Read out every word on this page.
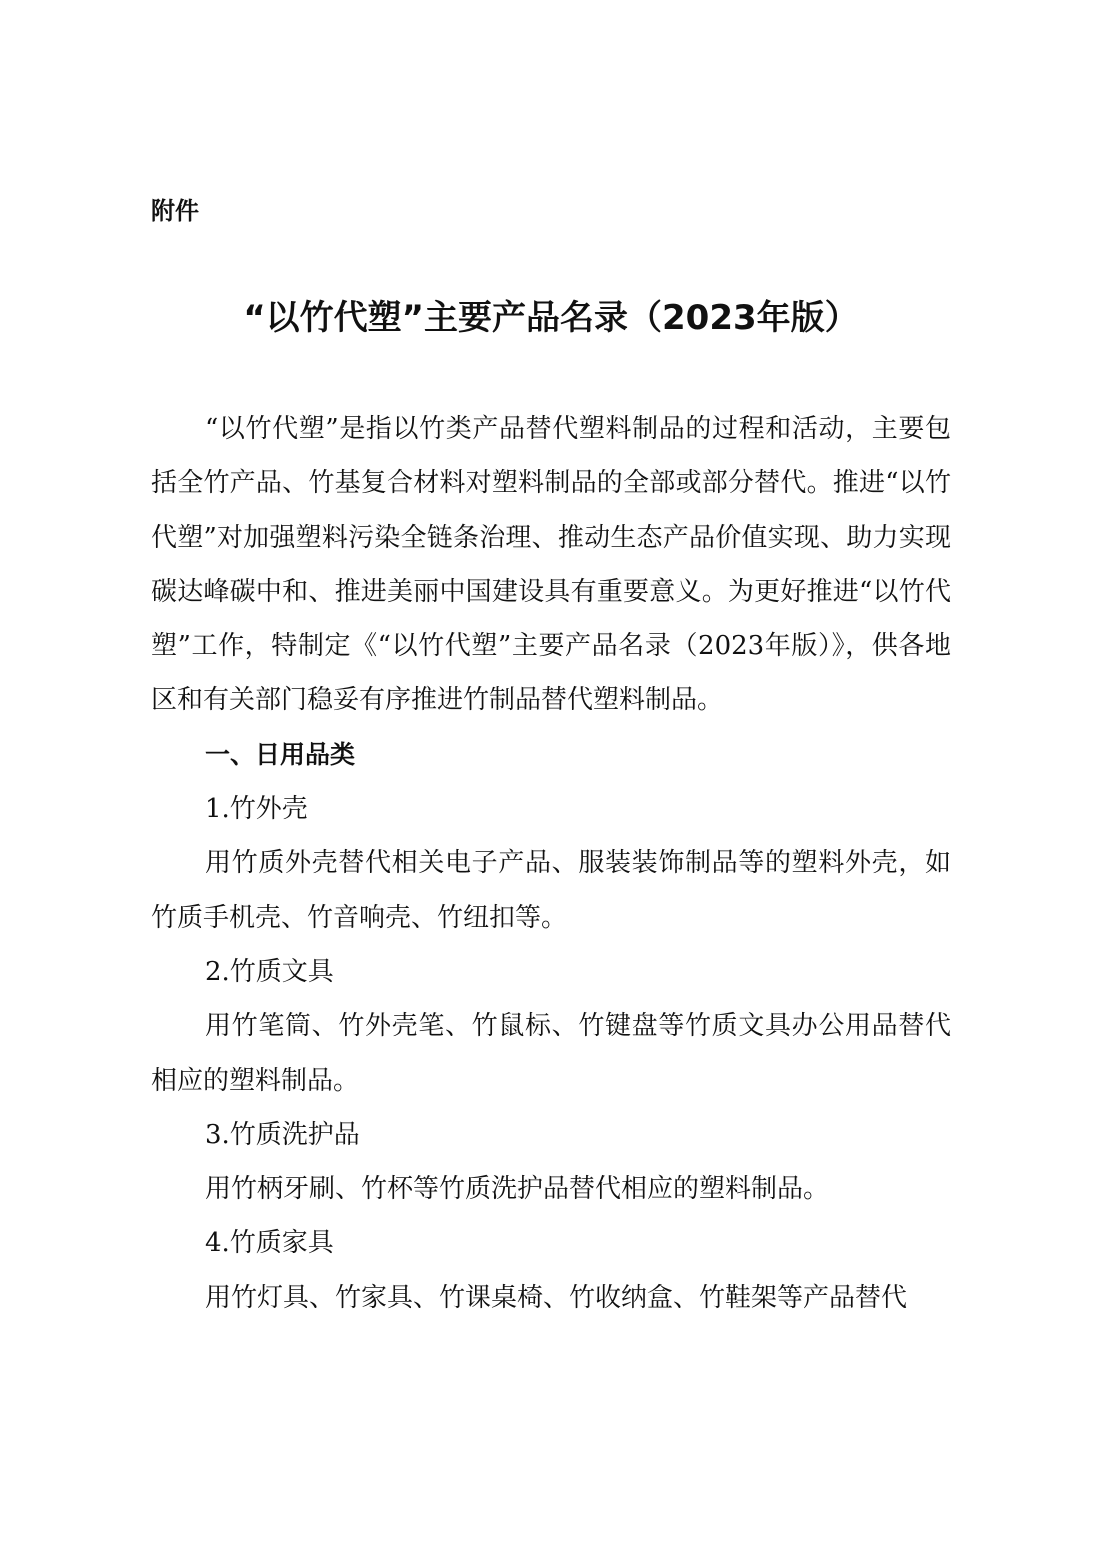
附件
“以竹代塑”主要产品名录（2023年版）

“以竹代塑”是指以竹类产品替代塑料制品的过程和活动，主要包括全竹产品、竹基复合材料对塑料制品的全部或部分替代。推进“以竹代塑”对加强塑料污染全链条治理、推动生态产品价值实现、助力实现碳达峰碳中和、推进美丽中国建设具有重要意义。为更好推进“以竹代塑”工作，特制定《“以竹代塑”主要产品名录（2023年版）》，供各地区和有关部门稳妥有序推进竹制品替代塑料制品。

一、日用品类

1.竹外壳

用竹质外壳替代相关电子产品、服装装饰制品等的塑料外壳，如竹质手机壳、竹音响壳、竹纽扣等。

2.竹质文具

用竹笔筒、竹外壳笔、竹鼠标、竹键盘等竹质文具办公用品替代相应的塑料制品。

3.竹质洗护品

用竹柄牙刷、竹杯等竹质洗护品替代相应的塑料制品。

4.竹质家具

用竹灯具、竹家具、竹课桌椅、竹收纳盒、竹鞋架等产品替代
